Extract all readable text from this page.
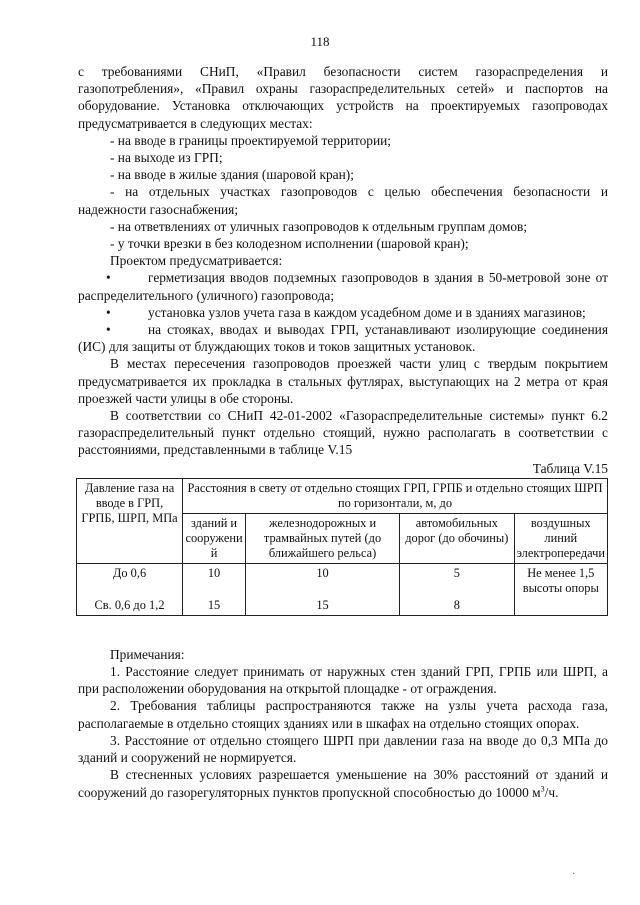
118

с требованиями СНиП, «Правил безопасности систем газораспределения и газопотребления», «Правил охраны газораспределительных сетей» и паспортов на оборудование. Установка отключающих устройств на проектируемых газопроводах предусматривается в следующих местах:

- на вводе в границы проектируемой территории;

- на выходе из ГРП;

- на вводе в жилые здания (шаровой кран);

- на отдельных участках газопроводов с целью обеспечения безопасности и надежности газоснабжения;

- на ответвлениях от уличных газопроводов к отдельным группам домов;

- у точки врезки в без колодезном исполнении (шаровой кран);

Проектом предусматривается:

•	герметизация вводов подземных газопроводов в здания в 50-метровой зоне от распределительного (уличного) газопровода;

•	установка узлов учета газа в каждом усадебном доме и в зданиях магазинов;

•	на стояках, вводах и выводах ГРП, устанавливают изолирующие соединения (ИС) для защиты от блуждающих токов и токов защитных установок.

В местах пересечения газопроводов проезжей части улиц с твердым покрытием предусматривается их прокладка в стальных футлярах, выступающих на 2 метра от края проезжей части улицы в обе стороны.

В соответствии со СНиП 42-01-2002 «Газораспределительные системы» пункт 6.2 газораспределительный пункт отдельно стоящий, нужно располагать в соответствии с расстояниями, представленными в таблице V.15

Таблица V.15
Давление газа на вводе в ГРП, ГРПБ, ШРП, МПа	Расстояния в свету от отдельно стоящих ГРП, ГРПБ и отдельно стоящих ШРП по горизонтали, м, до			
	зданий и сооружени й	железнодорожных и трамвайных путей (до ближайшего рельса)	автомобильных дорог (до обочины)	воздушных линий электропередачи
До 0,6	10	10	5	Не менее 1,5
Св. 0,6 до 1,2	15	15	8	высоты опоры

Примечания:

1. Расстояние следует принимать от наружных стен зданий ГРП, ГРПБ или ШРП, а при расположении оборудования на открытой площадке - от ограждения.

2. Требования таблицы распространяются также на узлы учета расхода газа, располагаемые в отдельно стоящих зданиях или в шкафах на отдельно стоящих опорах.

3. Расстояние от отдельно стоящего ШРП при давлении газа на вводе до 0,3 МПа до зданий и сооружений не нормируется.

В стесненных условиях разрешается уменьшение на 30% расстояний от зданий и сооружений до газорегуляторных пунктов пропускной способностью до 10000 $м^3/ч$.

·
